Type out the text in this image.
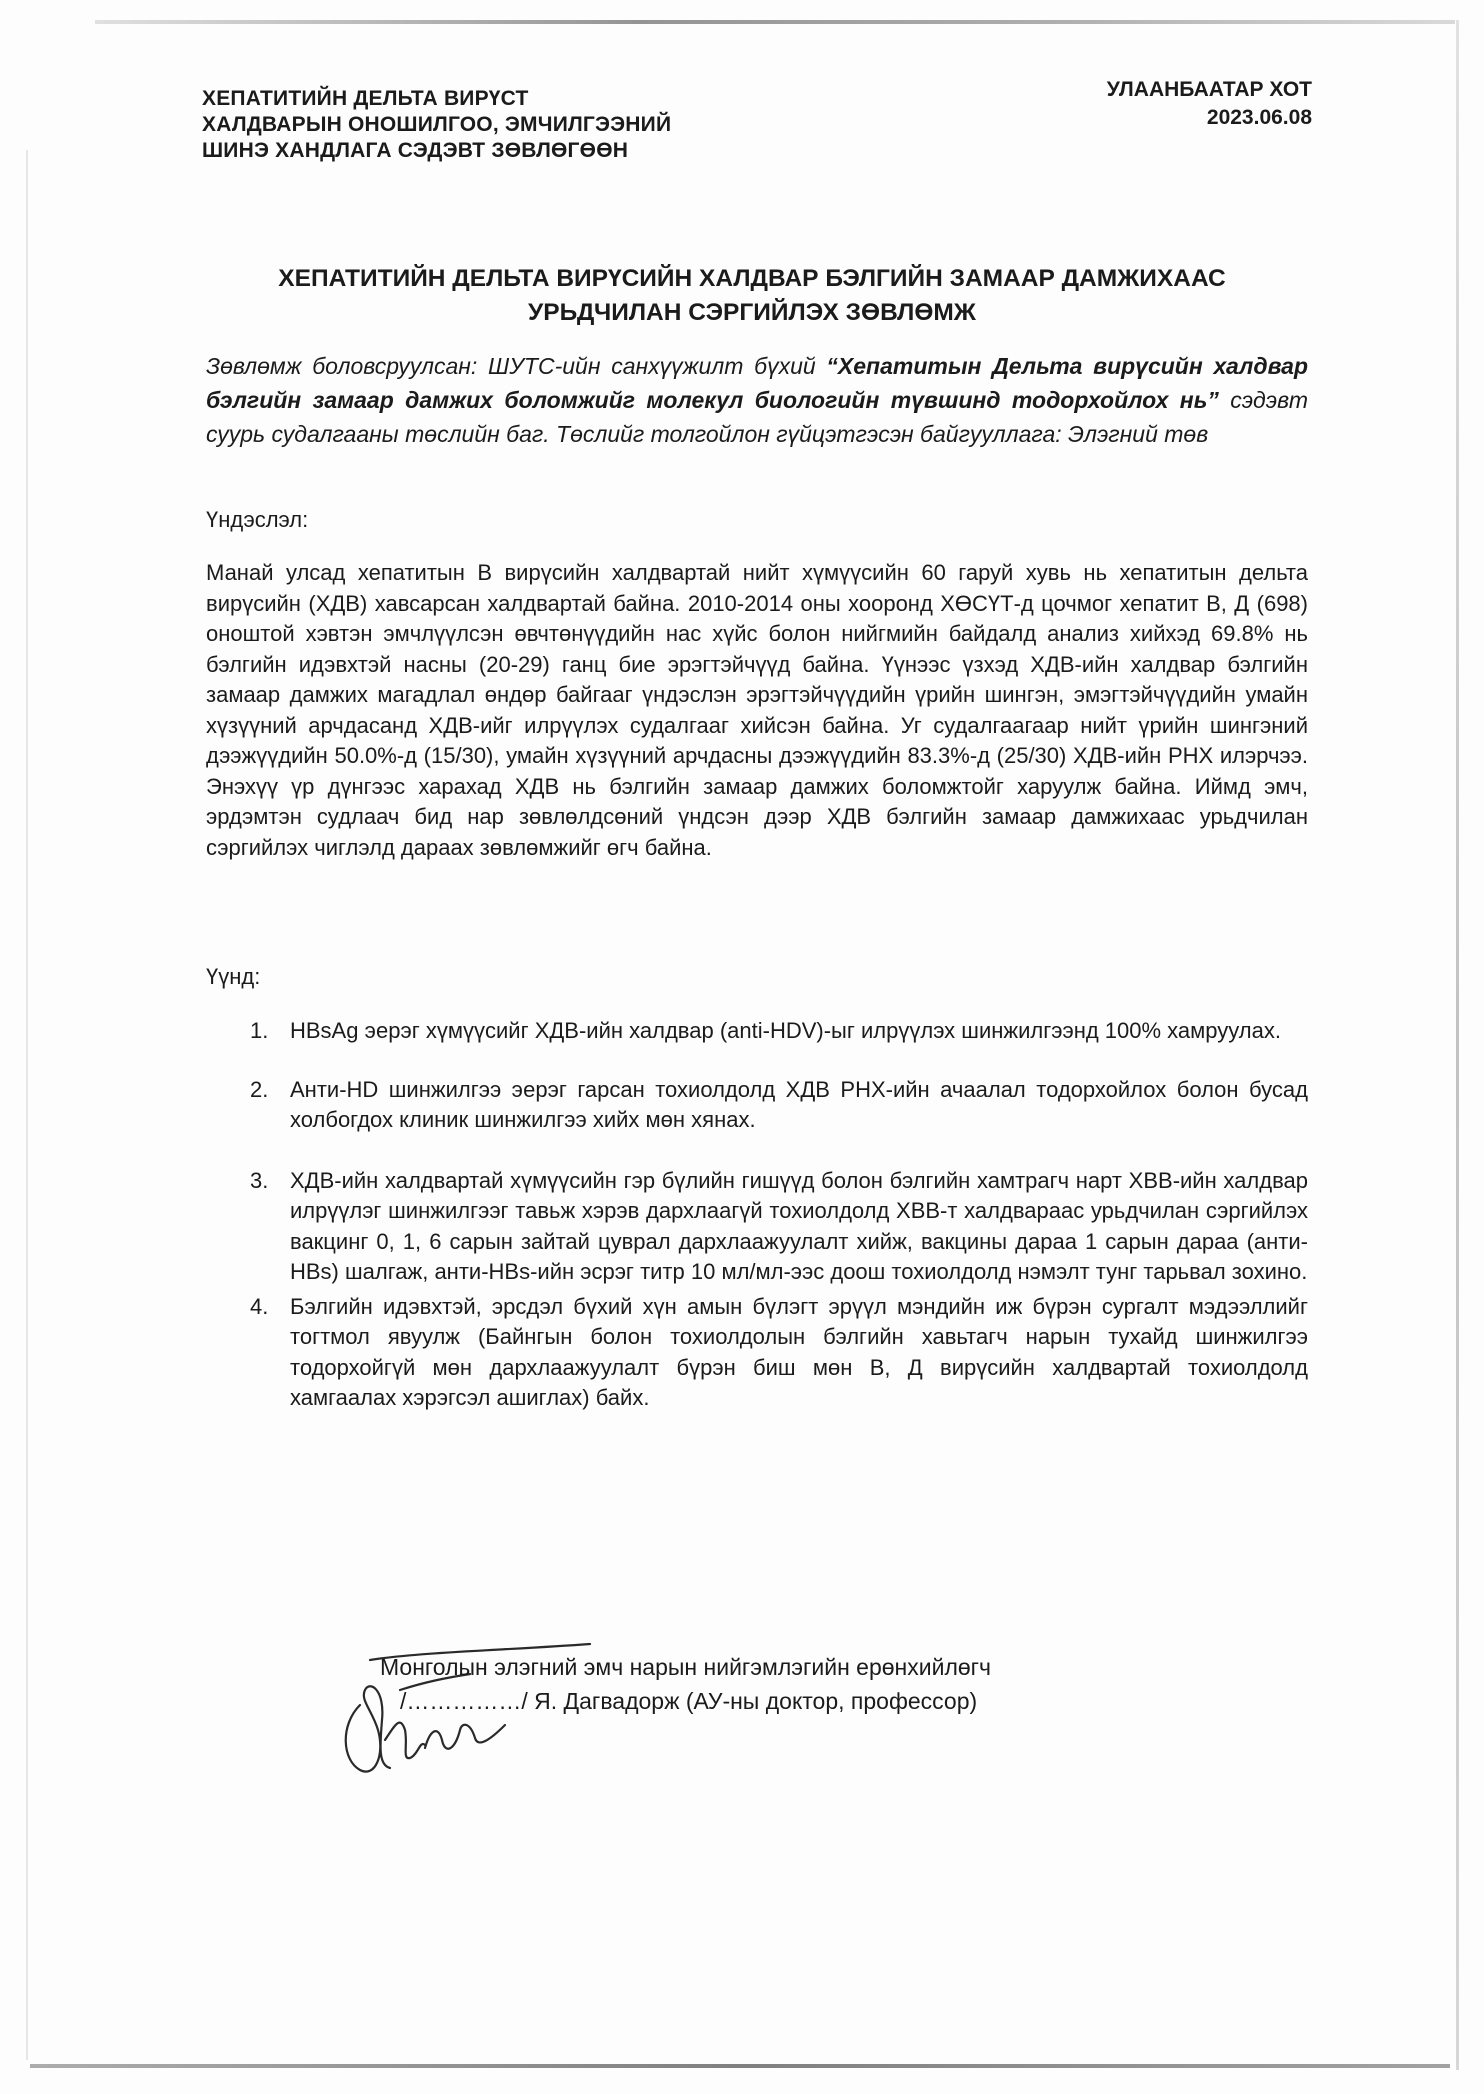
ХЕПАТИТИЙН ДЕЛЬТА ВИРҮСТ
ХАЛДВАРЫН ОНОШИЛГОО, ЭМЧИЛГЭЭНИЙ
ШИНЭ ХАНДЛАГА СЭДЭВТ ЗӨВЛӨГӨӨН
УЛААНБААТАР ХОТ
2023.06.08
ХЕПАТИТИЙН ДЕЛЬТА ВИРҮСИЙН ХАЛДВАР БЭЛГИЙН ЗАМААР ДАМЖИХААС
УРЬДЧИЛАН СЭРГИЙЛЭХ ЗӨВЛӨМЖ
Зөвлөмж боловсруулсан: ШУТС-ийн санхүүжилт бүхий “Хепатитын Дельта вирүсийн халдвар бэлгийн замаар дамжих боломжийг молекул биологийн түвшинд тодорхойлох нь” сэдэвт суурь судалгааны төслийн баг. Төслийг толгойлон гүйцэтгэсэн байгууллага: Элэгний төв
Үндэслэл:
Манай улсад хепатитын В вирүсийн халдвартай нийт хүмүүсийн 60 гаруй хувь нь хепатитын дельта вирүсийн (ХДВ) хавсарсан халдвартай байна. 2010-2014 оны хооронд ХӨСҮТ-д цочмог хепатит В, Д (698) оноштой хэвтэн эмчлүүлсэн өвчтөнүүдийн нас хүйс болон нийгмийн байдалд анализ хийхэд 69.8% нь бэлгийн идэвхтэй насны (20-29) ганц бие эрэгтэйчүүд байна. Үүнээс үзхэд ХДВ-ийн халдвар бэлгийн замаар дамжих магадлал өндөр байгааг үндэслэн эрэгтэйчүүдийн үрийн шингэн, эмэгтэйчүүдийн умайн хүзүүний арчдасанд ХДВ-ийг илрүүлэх судалгааг хийсэн байна. Уг судалгаагаар нийт үрийн шингэний дээжүүдийн 50.0%-д (15/30), умайн хүзүүний арчдасны дээжүүдийн 83.3%-д (25/30) ХДВ-ийн РНХ илэрчээ. Энэхүү үр дүнгээс харахад ХДВ нь бэлгийн замаар дамжих боломжтойг харуулж байна. Иймд эмч, эрдэмтэн судлаач бид нар зөвлөлдсөний үндсэн дээр ХДВ бэлгийн замаар дамжихаас урьдчилан сэргийлэх чиглэлд дараах зөвлөмжийг өгч байна.
Үүнд:
1. HBsAg эерэг хүмүүсийг ХДВ-ийн халдвар (anti-HDV)-ыг илрүүлэх шинжилгээнд 100% хамруулах.
2. Анти-HD шинжилгээ эерэг гарсан тохиолдолд ХДВ РНХ-ийн ачаалал тодорхойлох болон бусад холбогдох клиник шинжилгээ хийх мөн хянах.
3. ХДВ-ийн халдвартай хүмүүсийн гэр бүлийн гишүүд болон бэлгийн хамтрагч нарт ХВВ-ийн халдвар илрүүлэг шинжилгээг тавьж хэрэв дархлаагүй тохиолдолд ХВВ-т халдвараас урьдчилан сэргийлэх вакцинг 0, 1, 6 сарын зайтай цуврал дархлаажуулалт хийж, вакцины дараа 1 сарын дараа (анти-HBs) шалгаж, анти-HBs-ийн эсрэг титр 10 мл/мл-ээс доош тохиолдолд нэмэлт тунг тарьвал зохино.
4. Бэлгийн идэвхтэй, эрсдэл бүхий хүн амын бүлэгт эрүүл мэндийн иж бүрэн сургалт мэдээллийг тогтмол явуулж (Байнгын болон тохиолдолын бэлгийн хавьтагч нарын тухайд шинжилгээ тодорхойгүй мөн дархлаажуулалт бүрэн биш мөн В, Д вирүсийн халдвартай тохиолдолд хамгаалах хэрэгсэл ашиглах) байх.
Монголын элэгний эмч нарын нийгэмлэгийн ерөнхийлөгч
/……………/ Я. Дагвадорж (АУ-ны доктор, профессор)
